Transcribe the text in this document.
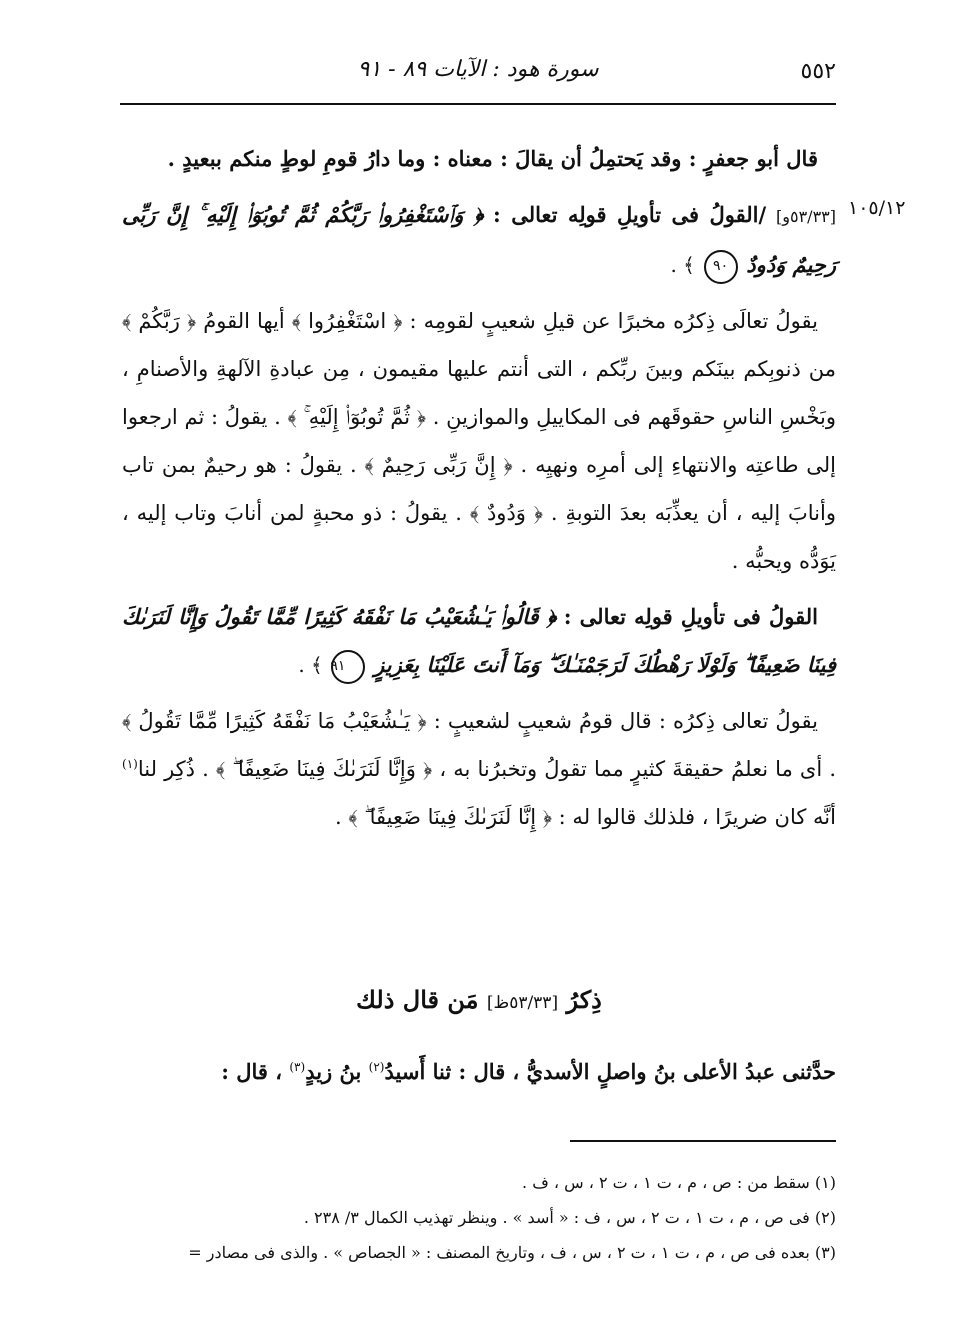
٥٥٢
سورة هود : الآيات ٨٩ - ٩١
١٠٥/١٢

قال أبو جعفرٍ : وقد يَحتمِلُ أن يقالَ : معناه : وما دارُ قومِ لوطٍ منكم ببعيدٍ .

[٥٣/٣٣و] /القولُ فى تأويلِ قولِه تعالى : ﴿ وَٱسْتَغْفِرُوا۟ رَبَّكُمْ ثُمَّ تُوبُوٓا۟ إِلَيْهِ ۚ إِنَّ رَبِّى رَحِيمٌ وَدُودٌ ٩٠ ﴾ .

يقولُ تعالَى ذِكرُه مخبرًا عن قيلِ شعيبٍ لقومِه : ﴿ اسْتَغْفِرُوا ﴾ أيها القومُ ﴿ رَبَّكُمْ ﴾ من ذنوبِكم بينَكم وبينَ ربِّكم ، التى أنتم عليها مقيمون ، مِن عبادةِ الآلهةِ والأصنامِ ، وبَخْسِ الناسِ حقوقَهم فى المكاييلِ والموازينِ . ﴿ ثُمَّ تُوبُوٓا۟ إِلَيْهِ ۚ ﴾ . يقولُ : ثم ارجعوا إلى طاعتِه والانتهاءِ إلى أمرِه ونهيِه . ﴿ إِنَّ رَبِّى رَحِيمٌ ﴾ . يقولُ : هو رحيمٌ بمن تاب وأنابَ إليه ، أن يعذِّبَه بعدَ التوبةِ . ﴿ وَدُودٌ ﴾ . يقولُ : ذو محبةٍ لمن أنابَ وتاب إليه ، يَوَدُّه ويحبُّه .

القولُ فى تأويلِ قولِه تعالى : ﴿ قَالُوا۟ يَـٰشُعَيْبُ مَا نَفْقَهُ كَثِيرًا مِّمَّا تَقُولُ وَإِنَّا لَنَرَىٰكَ فِينَا ضَعِيفًا ۖ وَلَوْلَا رَهْطُكَ لَرَجَمْنَـٰكَ ۖ وَمَآ أَنتَ عَلَيْنَا بِعَزِيزٍ ٩١ ﴾ .

يقولُ تعالى ذِكرُه : قال قومُ شعيبٍ لشعيبٍ : ﴿ يَـٰشُعَيْبُ مَا نَفْقَهُ كَثِيرًا مِّمَّا تَقُولُ ﴾ . أى ما نعلمُ حقيقةَ كثيرٍ مما تقولُ وتخبرُنا به ، ﴿ وَإِنَّا لَنَرَىٰكَ فِينَا ضَعِيفًا ۖ ﴾ . ذُكِر لنا$^{(١)}$ أنَّه كان ضريرًا ، فلذلك قالوا له : ﴿ إِنَّا لَنَرَىٰكَ فِينَا ضَعِيفًا ۖ ﴾ .

ذِكرُ [٥٣/٣٣ظ] مَن قال ذلك
حدَّثنى عبدُ الأعلى بنُ واصلٍ الأسديُّ ، قال : ثنا أَسيدُ$^{(٢)}$ بنُ زيدٍ$^{(٣)}$ ، قال :
(١) سقط من : ص ، م ، ت ١ ، ت ٢ ، س ، ف .
(٢) فى ص ، م ، ت ١ ، ت ٢ ، س ، ف : « أسد » . وينظر تهذيب الكمال ٣/ ٢٣٨ .
(٣) بعده فى ص ، م ، ت ١ ، ت ٢ ، س ، ف ، وتاريخ المصنف : « الجصاص » . والذى فى مصادر =
